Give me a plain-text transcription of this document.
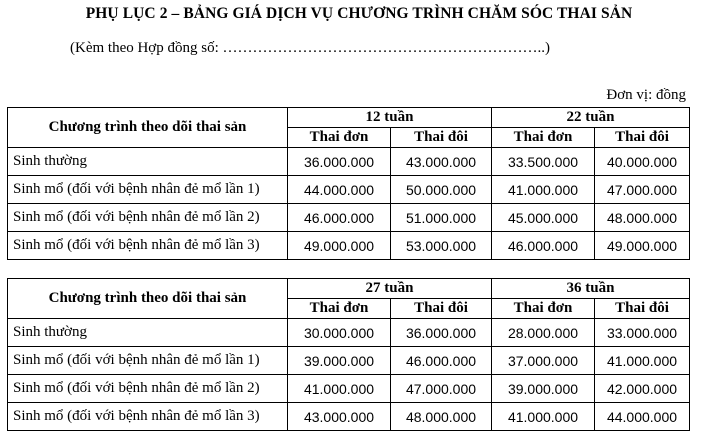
PHỤ LỤC 2 – BẢNG GIÁ DỊCH VỤ CHƯƠNG TRÌNH CHĂM SÓC THAI SẢN
(Kèm theo Hợp đồng số: ………………………………………………………..)
Đơn vị: đồng
Chương trình theo dõi thai sản	12 tuần		22 tuần	
	Thai đơn	Thai đôi	Thai đơn	Thai đôi
Sinh thường	36.000.000	43.000.000	33.500.000	40.000.000
Sinh mổ (đối với bệnh nhân đẻ mổ lần 1)	44.000.000	50.000.000	41.000.000	47.000.000
Sinh mổ (đối với bệnh nhân đẻ mổ lần 2)	46.000.000	51.000.000	45.000.000	48.000.000
Sinh mổ (đối với bệnh nhân đẻ mổ lần 3)	49.000.000	53.000.000	46.000.000	49.000.000
Chương trình theo dõi thai sản	27 tuần		36 tuần	
	Thai đơn	Thai đôi	Thai đơn	Thai đôi
Sinh thường	30.000.000	36.000.000	28.000.000	33.000.000
Sinh mổ (đối với bệnh nhân đẻ mổ lần 1)	39.000.000	46.000.000	37.000.000	41.000.000
Sinh mổ (đối với bệnh nhân đẻ mổ lần 2)	41.000.000	47.000.000	39.000.000	42.000.000
Sinh mổ (đối với bệnh nhân đẻ mổ lần 3)	43.000.000	48.000.000	41.000.000	44.000.000
